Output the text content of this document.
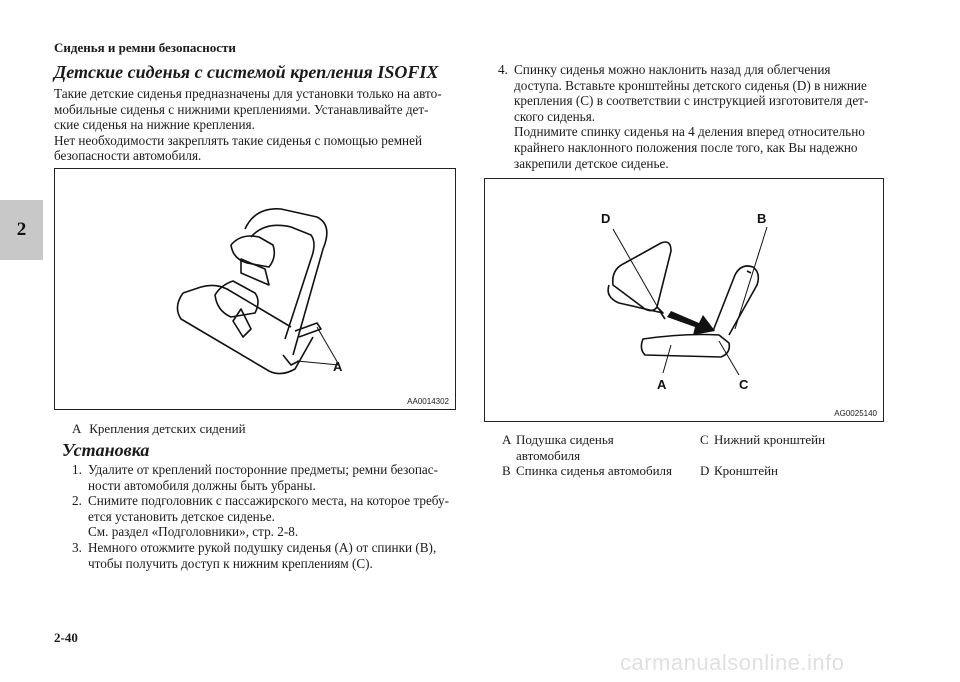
Сиденья и ремни безопасности
2
Детские сиденья с системой крепления ISOFIX
Такие детские сиденья предназначены для установки только на авто-
мобильные сиденья с нижними креплениями. Устанавливайте дет-
ские сиденья на нижние крепления.
Нет необходимости закреплять такие сиденья с помощью ремней
безопасности автомобиля.
A
AA0014302
A Крепления детских сидений
Установка
1. Удалите от креплений посторонние предметы; ремни безопас-
ности автомобиля должны быть убраны.
2. Снимите подголовник с пассажирского места, на которое требу-
ется установить детское сиденье.
См. раздел «Подголовники», стр. 2-8.
3. Немного отожмите рукой подушку сиденья (А) от спинки (В),
чтобы получить доступ к нижним креплениям (С).
4. Спинку сиденья можно наклонить назад для облегчения
доступа. Вставьте кронштейны детского сиденья (D) в нижние
крепления (С) в соответствии с инструкцией изготовителя дет-
ского сиденья.
Поднимите спинку сиденья на 4 деления вперед относительно
крайнего наклонного положения после того, как Вы надежно
закрепили детское сиденье.
D	B
A	C
AG0025140
A Подушка сиденья
автомобиля
C Нижний кронштейн
B Спинка сиденья автомобиля D Кронштейн
2-40
carmanualsonline.info
